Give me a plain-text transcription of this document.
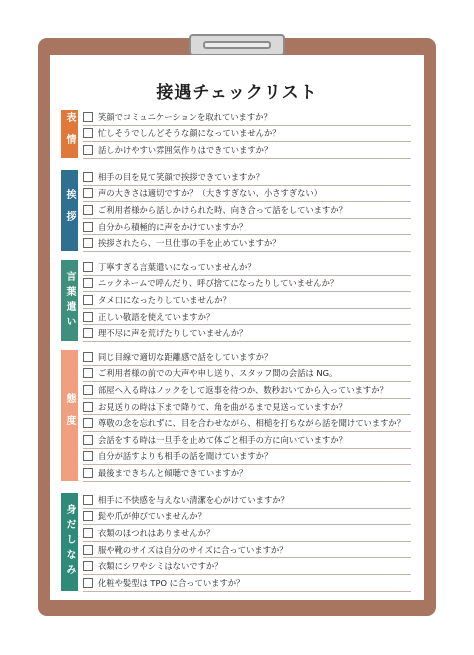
接遇チェックリスト
表情	笑顔でコミュニケーションを取れていますか？
忙しそうでしんどそうな顔になっていませんか？
話しかけやすい雰囲気作りはできていますか？
挨拶
相手の目を見て笑顔で挨拶できていますか？
声の大きさは適切ですか？（大きすぎない、小さすぎない）
ご利用者様から話しかけられた時、向き合って話をしていますか？
自分から積極的に声をかけていますか？
挨拶されたら、一旦仕事の手を止めていますか？
言葉遣い
丁寧すぎる言葉遣いになっていませんか？
ニックネームで呼んだり、呼び捨てになったりしていませんか？
タメ口になったりしていませんか？
正しい敬語を使えていますか？
理不尽に声を荒げたりしていませんか？
態度
同じ目線で適切な距離感で話をしていますか？
ご利用者様の前での大声や申し送り、スタッフ間の会話は NG。
部屋へ入る時はノックをして返事を待つか、数秒おいてから入っていますか？
お見送りの時は下まで降りて、角を曲がるまで見送っていますか？
尊敬の念を忘れずに、目を合わせながら、相槌を打ちながら話を聞けていますか？
会話をする時は一旦手を止めて体ごと相手の方に向いていますか？
自分が話すよりも相手の話を聞けていますか？
最後まできちんと傾聴できていますか？
身だしなみ
相手に不快感を与えない清潔を心がけていますか？
髭や爪が伸びていませんか？
衣類のほつれはありませんか？
服や靴のサイズは自分のサイズに合っていますか？
衣類にシワやシミはないですか？
化粧や髪型は TPO に合っていますか？
